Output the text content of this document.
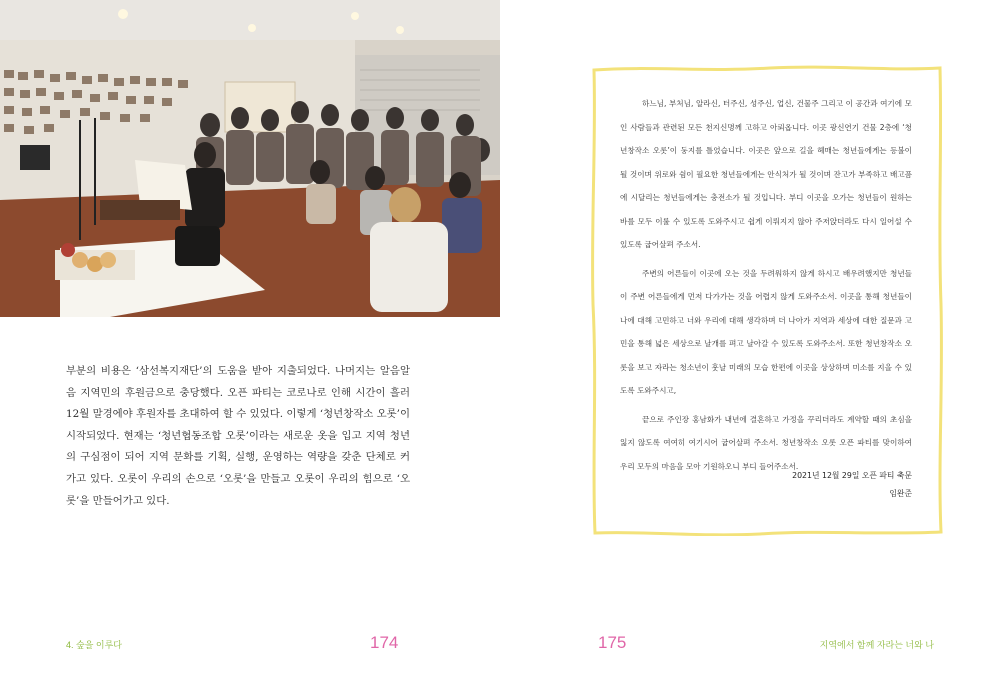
부분의 비용은 ‘삼선복지재단’의 도움을 받아 지출되었다. 나머지는 알음알음 지역민의 후원금으로 충당했다. 오픈 파티는 코로나로 인해 시간이 흘러 12월 말경에야 후원자를 초대하여 할 수 있었다. 이렇게 ‘청년창작소 오롯’이 시작되었다. 현재는 ‘청년협동조합 오롯’이라는 새로운 옷을 입고 지역 청년의 구심점이 되어 지역 문화를 기획, 실행, 운영하는 역량을 갖춘 단체로 커가고 있다. 오롯이 우리의 손으로 ‘오롯’을 만들고 오롯이 우리의 힘으로 ‘오롯’을 만들어가고 있다.

하느님, 부처님, 알라신, 터주신, 성주신, 업신, 건물주 그리고 이 공간과 여기에 모인 사람들과 관련된 모든 천지신명께 고하고 아뢰옵니다. 이곳 광신연기 건물 2층에 ‘청년창작소 오롯’이 둥지를 틀었습니다. 이곳은 앞으로 길을 헤매는 청년들에게는 등불이 될 것이며 위로와 쉼이 필요한 청년들에게는 안식처가 될 것이며 잔고가 부족하고 배고픔에 시달리는 청년들에게는 충전소가 될 것입니다. 부디 이곳을 오가는 청년들이 원하는 바를 모두 이룰 수 있도록 도와주시고 쉽게 이뤄지지 않아 주저앉더라도 다시 일어설 수 있도록 굽어살펴 주소서.

주변의 어른들이 이곳에 오는 것을 두려워하지 않게 하시고 배우려했지만 청년들이 주변 어른들에게 먼저 다가가는 것을 어렵지 않게 도와주소서. 이곳을 통해 청년들이 나에 대해 고민하고 너와 우리에 대해 생각하며 더 나아가 지역과 세상에 대한 질문과 고민을 통해 넓은 세상으로 날개를 펴고 날아갈 수 있도록 도와주소서. 또한 청년창작소 오롯을 보고 자라는 청소년이 훗날 미래의 모습 한편에 이곳을 상상하며 미소를 지을 수 있도록 도와주시고,

끝으로 주인장 홍남화가 내년에 결혼하고 가정을 꾸리더라도 계약할 때의 초심을 잃지 않도록 여여히 여기시어 굽어살펴 주소서. 청년창작소 오롯 오픈 파티를 맞이하여 우리 모두의 마음을 모아 기원하오니 부디 들어주소서.

2021년 12월 29일 오픈 파티 축문
임완준
4. 숲을 이루다	174	175	지역에서 함께 자라는 너와 나
